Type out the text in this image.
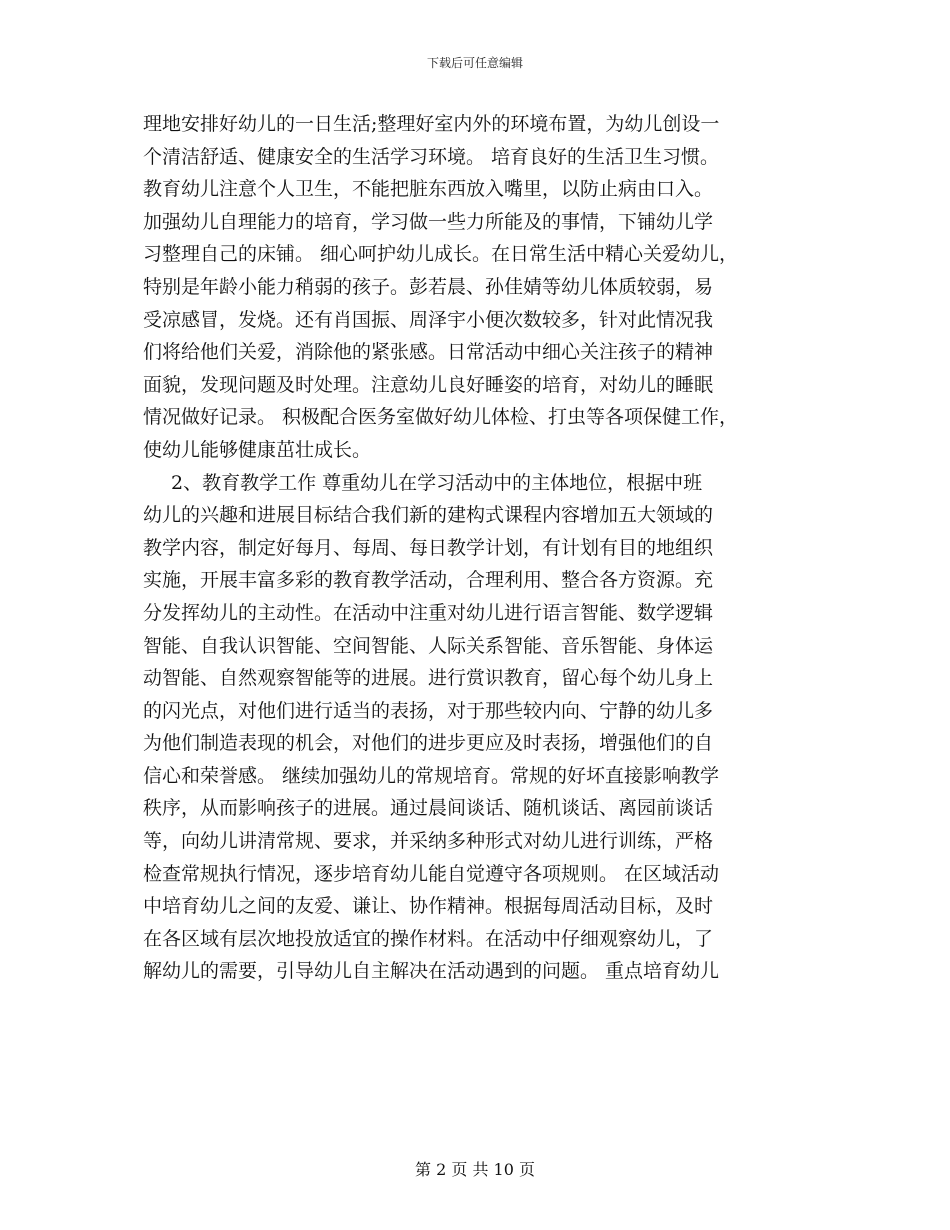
下载后可任意编辑
理地安排好幼儿的一日生活;整理好室内外的环境布置，为幼儿创设一
个清洁舒适、健康安全的生活学习环境。 培育良好的生活卫生习惯。
教育幼儿注意个人卫生，不能把脏东西放入嘴里，以防止病由口入。
加强幼儿自理能力的培育，学习做一些力所能及的事情，下铺幼儿学
习整理自己的床铺。 细心呵护幼儿成长。在日常生活中精心关爱幼儿，
特别是年龄小能力稍弱的孩子。彭若晨、孙佳婧等幼儿体质较弱，易
受凉感冒，发烧。还有肖国振、周泽宇小便次数较多，针对此情况我
们将给他们关爱，消除他的紧张感。日常活动中细心关注孩子的精神
面貌，发现问题及时处理。注意幼儿良好睡姿的培育，对幼儿的睡眠
情况做好记录。 积极配合医务室做好幼儿体检、打虫等各项保健工作，
使幼儿能够健康茁壮成长。
2、教育教学工作 尊重幼儿在学习活动中的主体地位，根据中班
幼儿的兴趣和进展目标结合我们新的建构式课程内容增加五大领域的
教学内容，制定好每月、每周、每日教学计划，有计划有目的地组织
实施，开展丰富多彩的教育教学活动，合理利用、整合各方资源。充
分发挥幼儿的主动性。在活动中注重对幼儿进行语言智能、数学逻辑
智能、自我认识智能、空间智能、人际关系智能、音乐智能、身体运
动智能、自然观察智能等的进展。进行赏识教育，留心每个幼儿身上
的闪光点，对他们进行适当的表扬，对于那些较内向、宁静的幼儿多
为他们制造表现的机会，对他们的进步更应及时表扬，增强他们的自
信心和荣誉感。 继续加强幼儿的常规培育。常规的好坏直接影响教学
秩序，从而影响孩子的进展。通过晨间谈话、随机谈话、离园前谈话
等，向幼儿讲清常规、要求，并采纳多种形式对幼儿进行训练，严格
检查常规执行情况，逐步培育幼儿能自觉遵守各项规则。 在区域活动
中培育幼儿之间的友爱、谦让、协作精神。根据每周活动目标，及时
在各区域有层次地投放适宜的操作材料。在活动中仔细观察幼儿，了
解幼儿的需要，引导幼儿自主解决在活动遇到的问题。 重点培育幼儿
第 2 页 共 10 页
